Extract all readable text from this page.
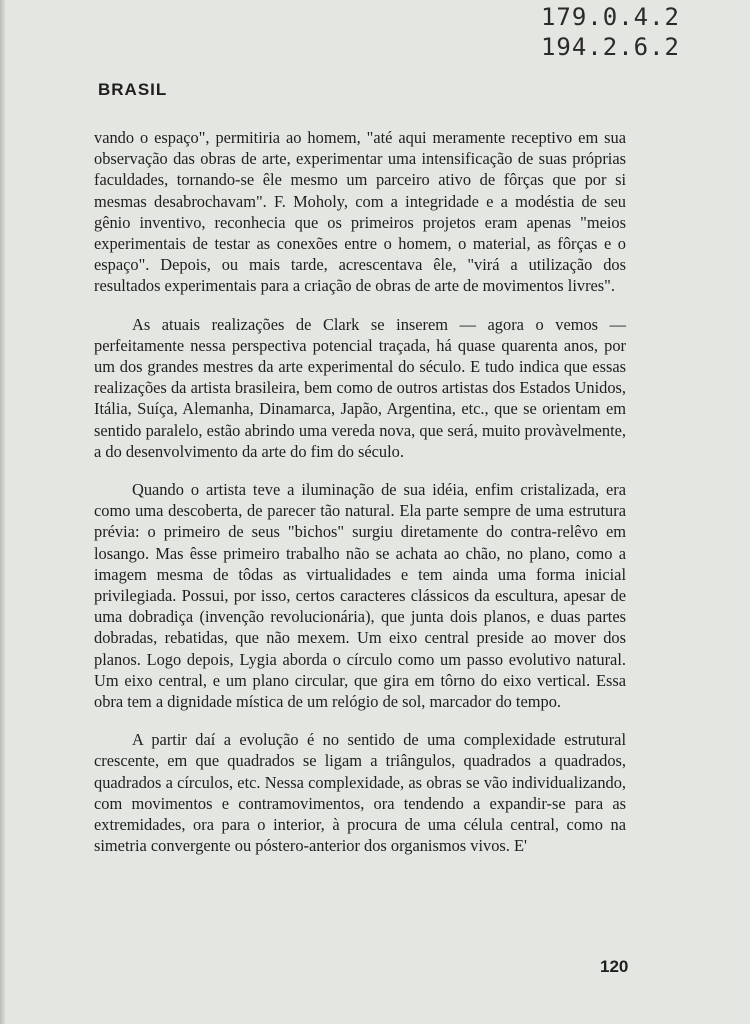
179.0.4.2
194.2.6.2
BRASIL

vando o espaço", permitiria ao homem, "até aqui meramente receptivo em sua observação das obras de arte, experimentar uma intensificação de suas próprias faculdades, tornando-se êle mesmo um parceiro ativo de fôrças que por si mesmas desabrochavam". F. Moholy, com a integridade e a modéstia de seu gênio inventivo, reconhecia que os primeiros projetos eram apenas "meios experimentais de testar as conexões entre o homem, o material, as fôrças e o espaço". Depois, ou mais tarde, acrescentava êle, "virá a utilização dos resultados experimentais para a criação de obras de arte de movimentos livres".

As atuais realizações de Clark se inserem — agora o vemos — perfeitamente nessa perspectiva potencial traçada, há quase quarenta anos, por um dos grandes mestres da arte experimental do século. E tudo indica que essas realizações da artista brasileira, bem como de outros artistas dos Estados Unidos, Itália, Suíça, Alemanha, Dinamarca, Japão, Argentina, etc., que se orientam em sentido paralelo, estão abrindo uma vereda nova, que será, muito provàvelmente, a do desenvolvimento da arte do fim do século.

Quando o artista teve a iluminação de sua idéia, enfim cristalizada, era como uma descoberta, de parecer tão natural. Ela parte sempre de uma estrutura prévia: o primeiro de seus "bichos" surgiu diretamente do contra-relêvo em losango. Mas êsse primeiro trabalho não se achata ao chão, no plano, como a imagem mesma de tôdas as virtualidades e tem ainda uma forma inicial privilegiada. Possui, por isso, certos caracteres clássicos da escultura, apesar de uma dobradiça (invenção revolucionária), que junta dois planos, e duas partes dobradas, rebatidas, que não mexem. Um eixo central preside ao mover dos planos. Logo depois, Lygia aborda o círculo como um passo evolutivo natural. Um eixo central, e um plano circular, que gira em tôrno do eixo vertical. Essa obra tem a dignidade mística de um relógio de sol, marcador do tempo.

A partir daí a evolução é no sentido de uma complexidade estrutural crescente, em que quadrados se ligam a triângulos, quadrados a quadrados, quadrados a círculos, etc. Nessa complexidade, as obras se vão individualizando, com movimentos e contramovimentos, ora tendendo a expandir-se para as extremidades, ora para o interior, à procura de uma célula central, como na simetria convergente ou póstero-anterior dos organismos vivos. E'

120
